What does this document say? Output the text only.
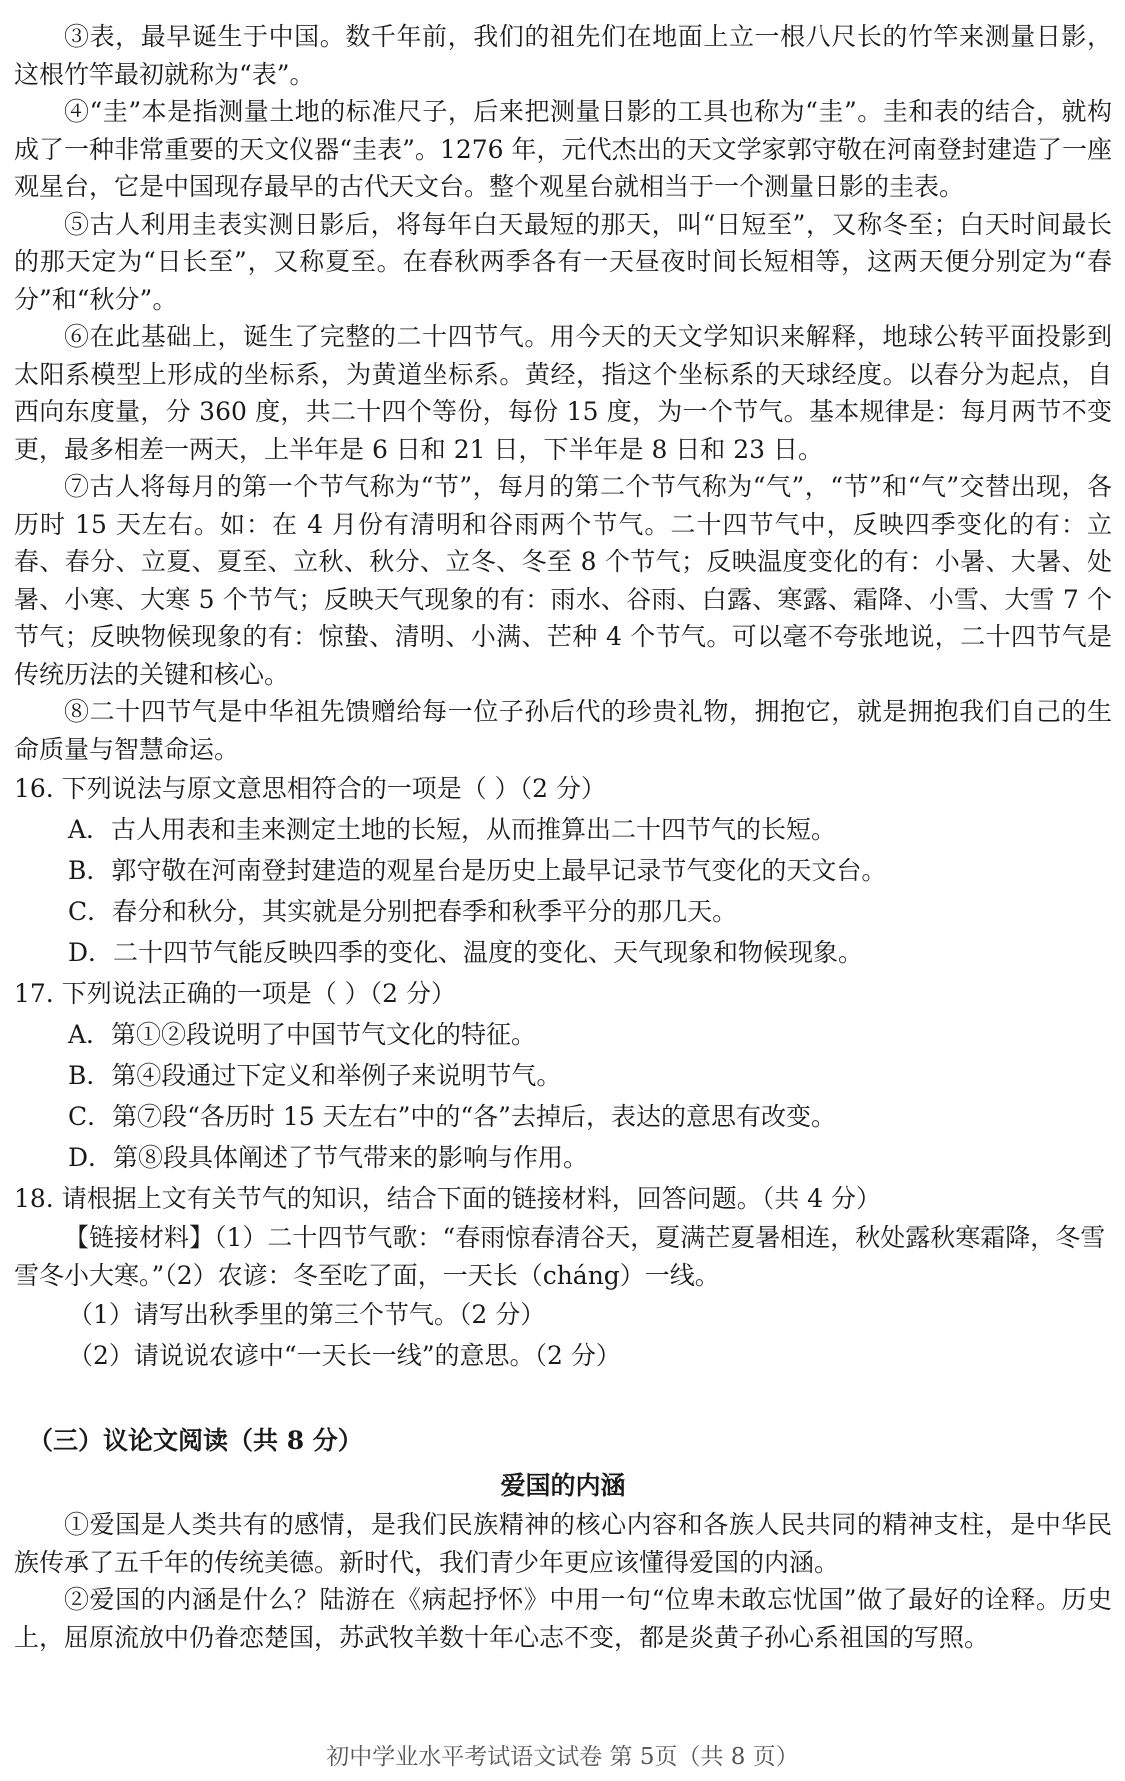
③表，最早诞生于中国。数千年前，我们的祖先们在地面上立一根八尺长的竹竿来测量日影，这根竹竿最初就称为“表”。

④“圭”本是指测量土地的标准尺子，后来把测量日影的工具也称为“圭”。圭和表的结合，就构成了一种非常重要的天文仪器“圭表”。1276 年，元代杰出的天文学家郭守敬在河南登封建造了一座观星台，它是中国现存最早的古代天文台。整个观星台就相当于一个测量日影的圭表。

⑤古人利用圭表实测日影后，将每年白天最短的那天，叫“日短至”，又称冬至；白天时间最长的那天定为“日长至”，又称夏至。在春秋两季各有一天昼夜时间长短相等，这两天便分别定为“春分”和“秋分”。

⑥在此基础上，诞生了完整的二十四节气。用今天的天文学知识来解释，地球公转平面投影到太阳系模型上形成的坐标系，为黄道坐标系。黄经，指这个坐标系的天球经度。以春分为起点，自西向东度量，分 360 度，共二十四个等份，每份 15 度，为一个节气。基本规律是：每月两节不变更，最多相差一两天，上半年是 6 日和 21 日，下半年是 8 日和 23 日。

⑦古人将每月的第一个节气称为“节”，每月的第二个节气称为“气”，“节”和“气”交替出现，各历时 15 天左右。如：在 4 月份有清明和谷雨两个节气。二十四节气中，反映四季变化的有：立春、春分、立夏、夏至、立秋、秋分、立冬、冬至 8 个节气；反映温度变化的有：小暑、大暑、处暑、小寒、大寒 5 个节气；反映天气现象的有：雨水、谷雨、白露、寒露、霜降、小雪、大雪 7 个节气；反映物候现象的有：惊蛰、清明、小满、芒种 4 个节气。可以毫不夸张地说，二十四节气是传统历法的关键和核心。

⑧二十四节气是中华祖先馈赠给每一位子孙后代的珍贵礼物，拥抱它，就是拥抱我们自己的生命质量与智慧命运。

16. 下列说法与原文意思相符合的一项是（ ）（2 分）

A．古人用表和圭来测定土地的长短，从而推算出二十四节气的长短。

B．郭守敬在河南登封建造的观星台是历史上最早记录节气变化的天文台。

C．春分和秋分，其实就是分别把春季和秋季平分的那几天。

D．二十四节气能反映四季的变化、温度的变化、天气现象和物候现象。

17. 下列说法正确的一项是（ ）（2 分）

A．第①②段说明了中国节气文化的特征。

B．第④段通过下定义和举例子来说明节气。

C．第⑦段“各历时 15 天左右”中的“各”去掉后，表达的意思有改变。

D．第⑧段具体阐述了节气带来的影响与作用。

18. 请根据上文有关节气的知识，结合下面的链接材料，回答问题。（共 4 分）

【链接材料】（1）二十四节气歌：“春雨惊春清谷天，夏满芒夏暑相连，秋处露秋寒霜降，冬雪雪冬小大寒。”（2）农谚：冬至吃了面，一天长（cháng）一线。

（1）请写出秋季里的第三个节气。（2 分）

（2）请说说农谚中“一天长一线”的意思。（2 分）

（三）议论文阅读（共 8 分）

爱国的内涵

①爱国是人类共有的感情，是我们民族精神的核心内容和各族人民共同的精神支柱，是中华民族传承了五千年的传统美德。新时代，我们青少年更应该懂得爱国的内涵。

②爱国的内涵是什么？陆游在《病起抒怀》中用一句“位卑未敢忘忧国”做了最好的诠释。历史上，屈原流放中仍眷恋楚国，苏武牧羊数十年心志不变，都是炎黄子孙心系祖国的写照。

初中学业水平考试语文试卷 第 5页（共 8 页）
